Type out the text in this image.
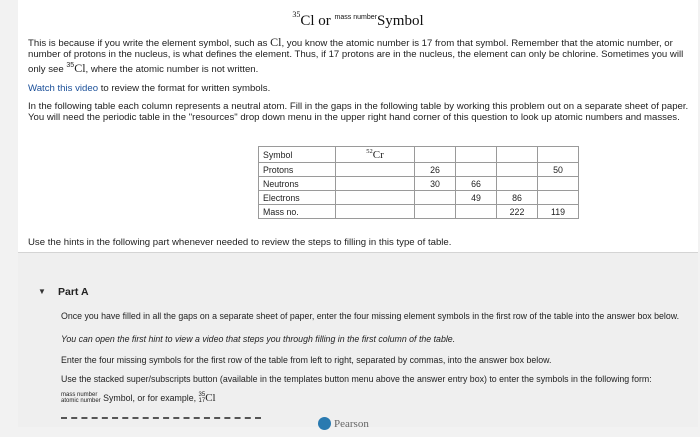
$^{35}$Cl or $^{mass number}$Symbol
This is because if you write the element symbol, such as Cl, you know the atomic number is 17 from that symbol. Remember that the atomic number, or number of protons in the nucleus, is what defines the element. Thus, if 17 protons are in the nucleus, the element can only be chlorine. Sometimes you will only see $^{35}$Cl, where the atomic number is not written.
Watch this video to review the format for written symbols.
In the following table each column represents a neutral atom. Fill in the gaps in the following table by working this problem out on a separate sheet of paper. You will need the periodic table in the "resources" drop down menu in the upper right hand corner of this question to look up atomic numbers and masses.
Symbol	$^{52}$Cr				
Protons		26			50
Neutrons		30	66		
Electrons			49	86	
Mass no.				222	119
Use the hints in the following part whenever needed to review the steps to filling in this type of table.
▼ Part A
Once you have filled in all the gaps on a separate sheet of paper, enter the four missing element symbols in the first row of the table into the answer box below.
You can open the first hint to view a video that steps you through filling in the first column of the table.
Enter the four missing symbols for the first row of the table from left to right, separated by commas, into the answer box below.
Use the stacked super/subscripts button (available in the templates button menu above the answer entry box) to enter the symbols in the following form:
mass number
atomic number Symbol, or for example, 35
17Cl
Pearson
